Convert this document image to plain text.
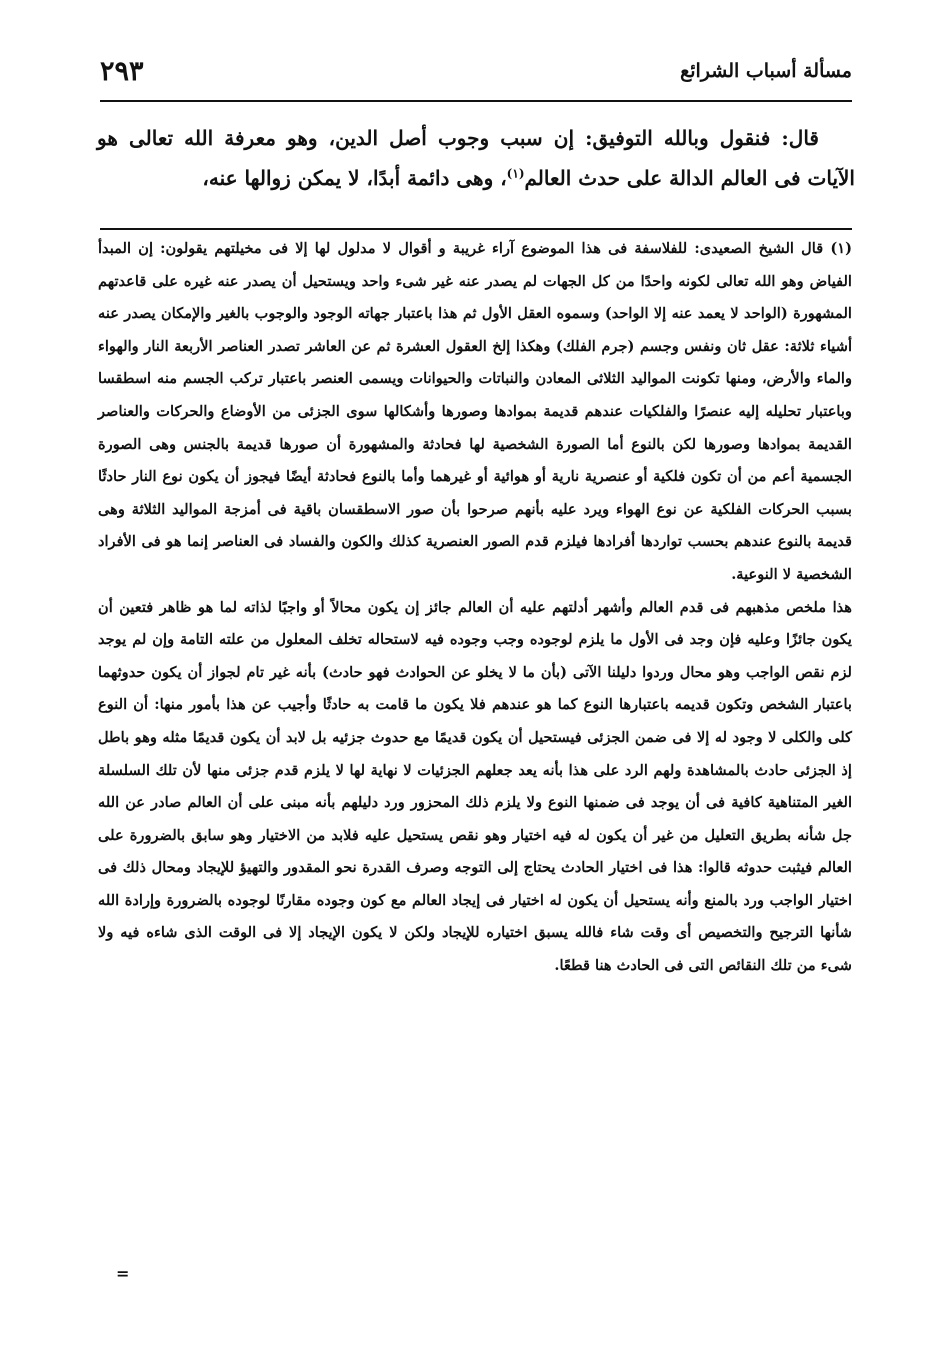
مسألة أسباب الشرائع
٢٩٣

قال: فنقول وبالله التوفيق: إن سبب وجوب أصل الدين، وهو معرفة الله تعالى هو الآيات فى العالم الدالة على حدث العالم$^{(١)}$، وهى دائمة أبدًا، لا يمكن زوالها عنه،

(١) قال الشيخ الصعيدى: للفلاسفة فى هذا الموضوع آراء غريبة و أقوال لا مدلول لها إلا فى مخيلتهم يقولون: إن المبدأ الفياض وهو الله تعالى لكونه واحدًا من كل الجهات لم يصدر عنه غير شىء واحد ويستحيل أن يصدر عنه غيره على قاعدتهم المشهورة (الواحد لا يعمد عنه إلا الواحد) وسموه العقل الأول ثم هذا باعتبار جهاته الوجود والوجوب بالغير والإمكان يصدر عنه أشياء ثلاثة: عقل ثان ونفس وجسم (جرم الفلك) وهكذا إلخ العقول العشرة ثم عن العاشر تصدر العناصر الأربعة النار والهواء والماء والأرض، ومنها تكونت المواليد الثلاثى المعادن والنباتات والحيوانات ويسمى العنصر باعتبار تركب الجسم منه اسطقسا وباعتبار تحليله إليه عنصرًا والفلكيات عندهم قديمة بموادها وصورها وأشكالها سوى الجزئى من الأوضاع والحركات والعناصر القديمة بموادها وصورها لكن بالنوع أما الصورة الشخصية لها فحادثة والمشهورة أن صورها قديمة بالجنس وهى الصورة الجسمية أعم من أن تكون فلكية أو عنصرية نارية أو هوائية أو غيرهما وأما بالنوع فحادثة أيضًا فيجوز أن يكون نوع النار حادثًا بسبب الحركات الفلكية عن نوع الهواء ويرد عليه بأنهم صرحوا بأن صور الاسطقسان باقية فى أمزجة المواليد الثلاثة وهى قديمة بالنوع عندهم بحسب تواردها أفرادها فيلزم قدم الصور العنصرية كذلك والكون والفساد فى العناصر إنما هو فى الأفراد الشخصية لا النوعية.

هذا ملخص مذهبهم فى قدم العالم وأشهر أدلتهم عليه أن العالم جائز إن يكون محالاً أو واجبًا لذاته لما هو ظاهر فتعين أن يكون جائزًا وعليه فإن وجد فى الأول ما يلزم لوجوده وجب وجوده فيه لاستحاله تخلف المعلول من علته التامة وإن لم يوجد لزم نقص الواجب وهو محال وردوا دليلنا الآتى (بأن ما لا يخلو عن الحوادث فهو حادث) بأنه غير تام لجواز أن يكون حدوثهما باعتبار الشخص وتكون قديمه باعتبارها النوع كما هو عندهم فلا يكون ما قامت به حادثًا وأجيب عن هذا بأمور منها: أن النوع كلى والكلى لا وجود له إلا فى ضمن الجزئى فيستحيل أن يكون قديمًا مع حدوث جزئيه بل لابد أن يكون قديمًا مثله وهو باطل إذ الجزئى حادث بالمشاهدة ولهم الرد على هذا بأنه يعد جعلهم الجزئيات لا نهاية لها لا يلزم قدم جزئى منها لأن تلك السلسلة الغير المتناهية كافية فى أن يوجد فى ضمنها النوع ولا يلزم ذلك المحزور ورد دليلهم بأنه مبنى على أن العالم صادر عن الله جل شأنه بطريق التعليل من غير أن يكون له فيه اختيار وهو نقص يستحيل عليه فلابد من الاختيار وهو سابق بالضرورة على العالم فيثبت حدوثه قالوا: هذا فى اختيار الحادث يحتاج إلى التوجه وصرف القدرة نحو المقدور والتهيؤ للإيجاد ومحال ذلك فى اختيار الواجب ورد بالمنع وأنه يستحيل أن يكون له اختيار فى إيجاد العالم مع كون وجوده مقارنًا لوجوده بالضرورة وإرادة الله شأنها الترجيح والتخصيص أى وقت شاء فالله يسبق اختياره للإيجاد ولكن لا يكون الإيجاد إلا فى الوقت الذى شاءه فيه ولا شىء من تلك النقائص التى فى الحادث هنا قطعًا.

=
